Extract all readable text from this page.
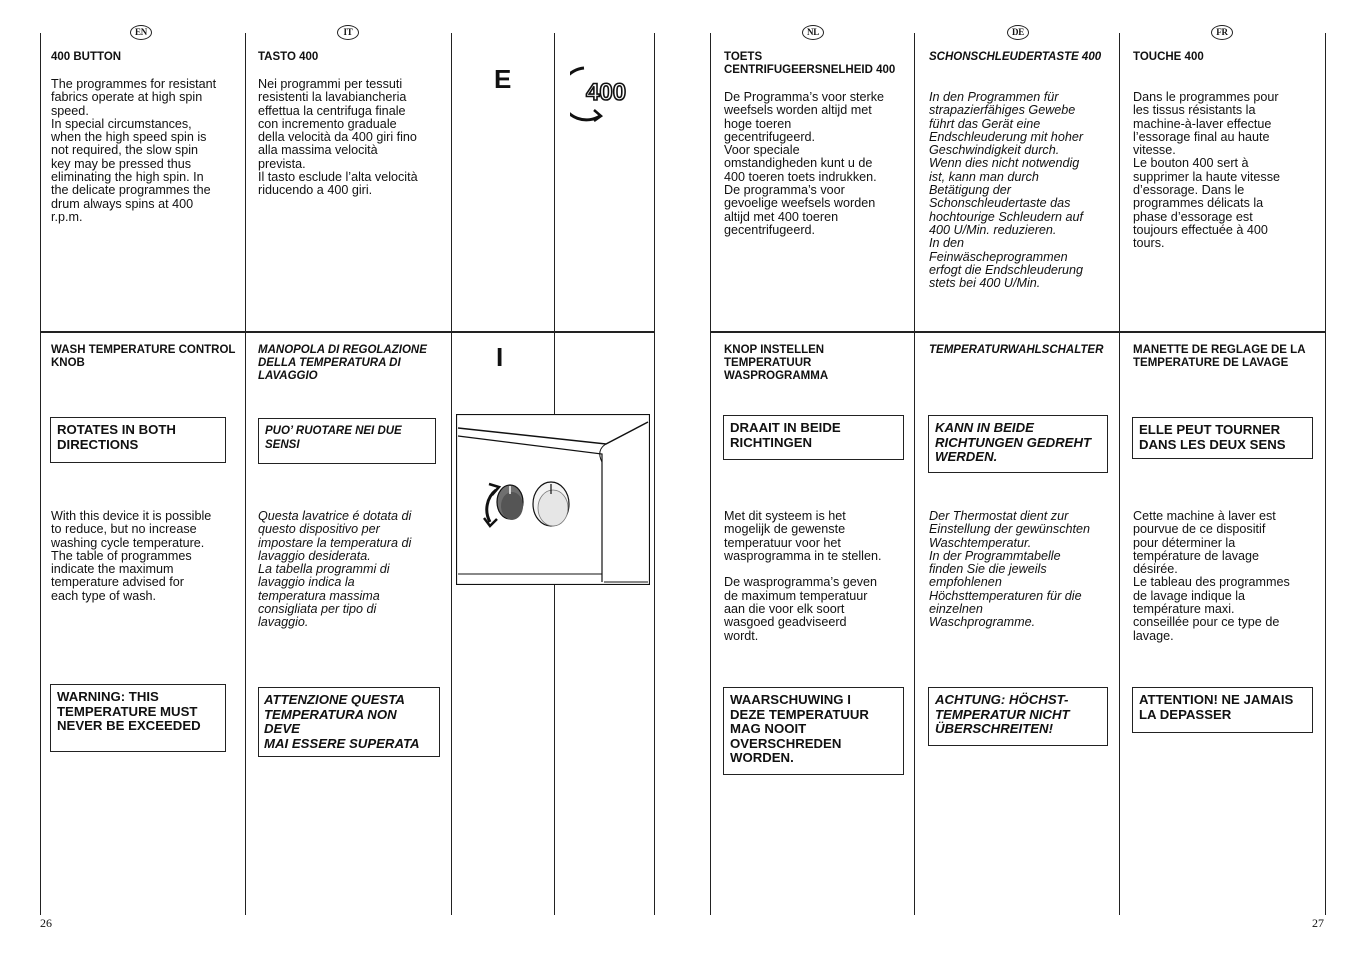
EN	IT	NL	DE	FR
400 BUTTON
The programmes for resistant
fabrics operate at high spin
speed.
In special circumstances,
when the high speed spin is
not required, the slow spin
key may be pressed thus
eliminating the high spin. In
the delicate programmes the
drum always spins at 400
r.p.m.
WASH TEMPERATURE CONTROL
KNOB
ROTATES IN BOTH
DIRECTIONS
With this device it is possible
to reduce, but no increase
washing cycle temperature.
The table of programmes
indicate the maximum
temperature advised for
each type of wash.
WARNING: THIS
TEMPERATURE MUST
NEVER BE EXCEEDED
TASTO 400
Nei programmi per tessuti
resistenti la lavabiancheria
effettua la centrifuga finale
con incremento graduale
della velocità da 400 giri fino
alla massima velocità
prevista.
Il tasto esclude l’alta velocità
riducendo a 400 giri.
MANOPOLA DI REGOLAZIONE
DELLA TEMPERATURA DI
LAVAGGIO
PUO’ RUOTARE NEI DUE
SENSI
Questa lavatrice é dotata di
questo dispositivo per
impostare la temperatura di
lavaggio desiderata.
La tabella programmi di
lavaggio indica la
temperatura massima
consigliata per tipo di
lavaggio.
ATTENZIONE QUESTA
TEMPERATURA NON DEVE
MAI ESSERE SUPERATA
E
I
400
TOETS
CENTRIFUGEERSNELHEID 400
De Programma’s voor sterke
weefsels worden altijd met
hoge toeren
gecentrifugeerd.
Voor speciale
omstandigheden kunt u de
400 toeren toets indrukken.
De programma’s voor
gevoelige weefsels worden
altijd met 400 toeren
gecentrifugeerd.
KNOP INSTELLEN
TEMPERATUUR
WASPROGRAMMA
DRAAIT IN BEIDE
RICHTINGEN
Met dit systeem is het
mogelijk de gewenste
temperatuur voor het
wasprogramma in te stellen.

De wasprogramma’s geven
de maximum temperatuur
aan die voor elk soort
wasgoed geadviseerd
wordt.
WAARSCHUWING I
DEZE TEMPERATUUR
MAG NOOIT
OVERSCHREDEN
WORDEN.
SCHONSCHLEUDERTASTE 400
In den Programmen für
strapazierfähiges Gewebe
führt das Gerät eine
Endschleuderung mit hoher
Geschwindigkeit durch.
Wenn dies nicht notwendig
ist, kann man durch
Betätigung der
Schonschleudertaste das
hochtourige Schleudern auf
400 U/Min. reduzieren.
In den
Feinwäscheprogrammen
erfogt die Endschleuderung
stets bei 400 U/Min.
TEMPERATURWAHLSCHALTER
KANN IN BEIDE
RICHTUNGEN GEDREHT
WERDEN.
Der Thermostat dient zur
Einstellung der gewünschten
Waschtemperatur.
In der Programmtabelle
finden Sie die jeweils
empfohlenen
Höchsttemperaturen für die
einzelnen
Waschprogramme.
ACHTUNG: HÖCHST-
TEMPERATUR NICHT
ÜBERSCHREITEN!
TOUCHE 400
Dans le programmes pour
les tissus résistants la
machine-à-laver effectue
l’essorage final au haute
vitesse.
Le bouton 400 sert à
supprimer la haute vitesse
d’essorage. Dans le
programmes délicats la
phase d’essorage est
toujours effectuée à 400
tours.
MANETTE DE REGLAGE DE LA
TEMPERATURE DE LAVAGE
ELLE PEUT TOURNER
DANS LES DEUX SENS
Cette machine à laver est
pourvue de ce dispositif
pour déterminer la
température de lavage
désirée.
Le tableau des programmes
de lavage indique la
température maxi.
conseillée pour ce type de
lavage.
ATTENTION! NE JAMAIS
LA DEPASSER
26	27
